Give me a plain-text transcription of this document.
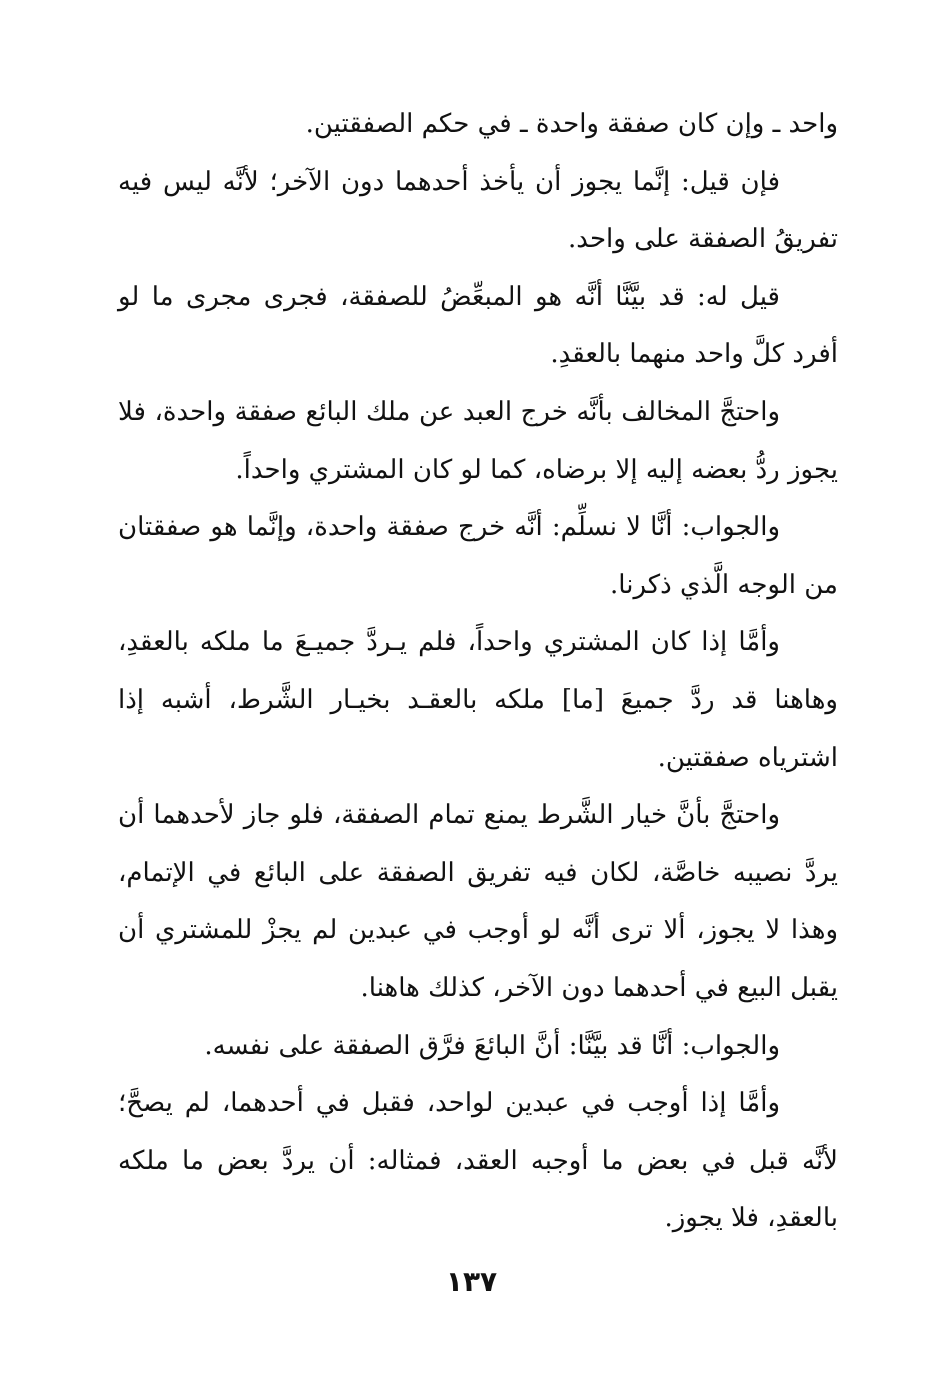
واحد ـ وإن كان صفقة واحدة ـ في حكم الصفقتين.

فإن قيل: إنَّما يجوز أن يأخذ أحدهما دون الآخر؛ لأنَّه ليس فيه تفريقُ الصفقة على واحد.

قيل له: قد بيَّنَّا أنَّه هو المبعِّضُ للصفقة، فجرى مجرى ما لو أفرد كلَّ واحد منهما بالعقدِ.

واحتجَّ المخالف بأنَّه خرج العبد عن ملك البائع صفقة واحدة، فلا يجوز ردُّ بعضه إليه إلا برضاه، كما لو كان المشتري واحداً.

والجواب: أنَّا لا نسلِّم: أنَّه خرج صفقة واحدة، وإنَّما هو صفقتان من الوجه الَّذي ذكرنا.

وأمَّا إذا كان المشتري واحداً، فلم يـردَّ جميـعَ ما ملكه بالعقدِ، وهاهنا قد ردَّ جميعَ [ما] ملكه بالعقـد بخيـار الشَّرط، أشبه إذا اشترياه صفقتين.

واحتجَّ بأنَّ خيار الشَّرط يمنع تمام الصفقة، فلو جاز لأحدهما أن يردَّ نصيبه خاصَّة، لكان فيه تفريق الصفقة على البائع في الإتمام، وهذا لا يجوز، ألا ترى أنَّه لو أوجب في عبدين لم يجزْ للمشتري أن يقبل البيع في أحدهما دون الآخر، كذلك هاهنا.

والجواب: أنَّا قد بيَّنَّا: أنَّ البائعَ فرَّق الصفقة على نفسه.

وأمَّا إذا أوجب في عبدين لواحد، فقبل في أحدهما، لم يصحَّ؛ لأنَّه قبل في بعض ما أوجبه العقد، فمثاله: أن يردَّ بعض ما ملكه بالعقدِ، فلا يجوز.

١٣٧
